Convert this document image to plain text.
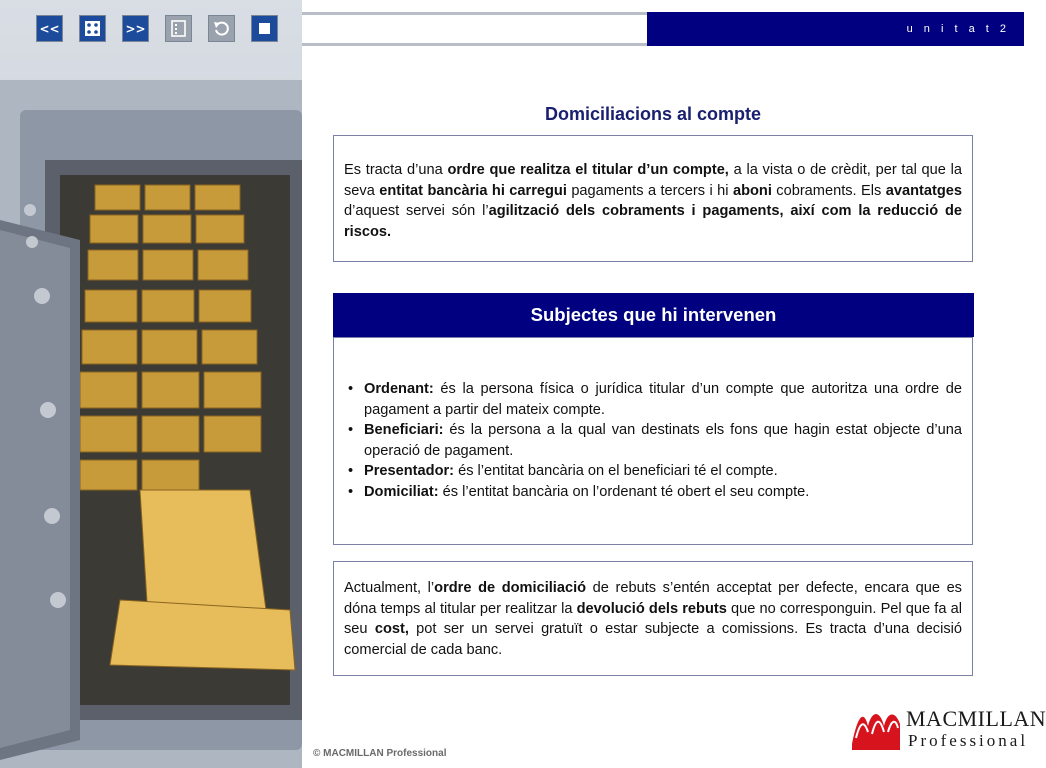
<<	>>	u n i t a t 2
Domiciliacions al compte
Es tracta d’una ordre que realitza el titular d’un compte, a la vista o de crèdit, per tal que la seva entitat bancària hi carregui pagaments a tercers i hi aboni cobraments. Els avantatges d’aquest servei són l’agilització dels cobraments i pagaments, així com la reducció de riscos.
Subjectes que hi intervenen
• Ordenant: és la persona física o jurídica titular d’un compte que autoritza una ordre de pagament a partir del mateix compte.
• Beneficiari: és la persona a la qual van destinats els fons que hagin estat objecte d’una operació de pagament.
• Presentador: és l’entitat bancària on el beneficiari té el compte.
• Domiciliat: és l’entitat bancària on l’ordenant té obert el seu compte.
Actualment, l’ordre de domiciliació de rebuts s’entén acceptat per defecte, encara que es dóna temps al titular per realitzar la devolució dels rebuts que no corresponguin. Pel que fa al seu cost, pot ser un servei gratuït o estar subjecte a comissions. Es tracta d’una decisió comercial de cada banc.
© MACMILLAN Professional
MACMILLAN
Professional
